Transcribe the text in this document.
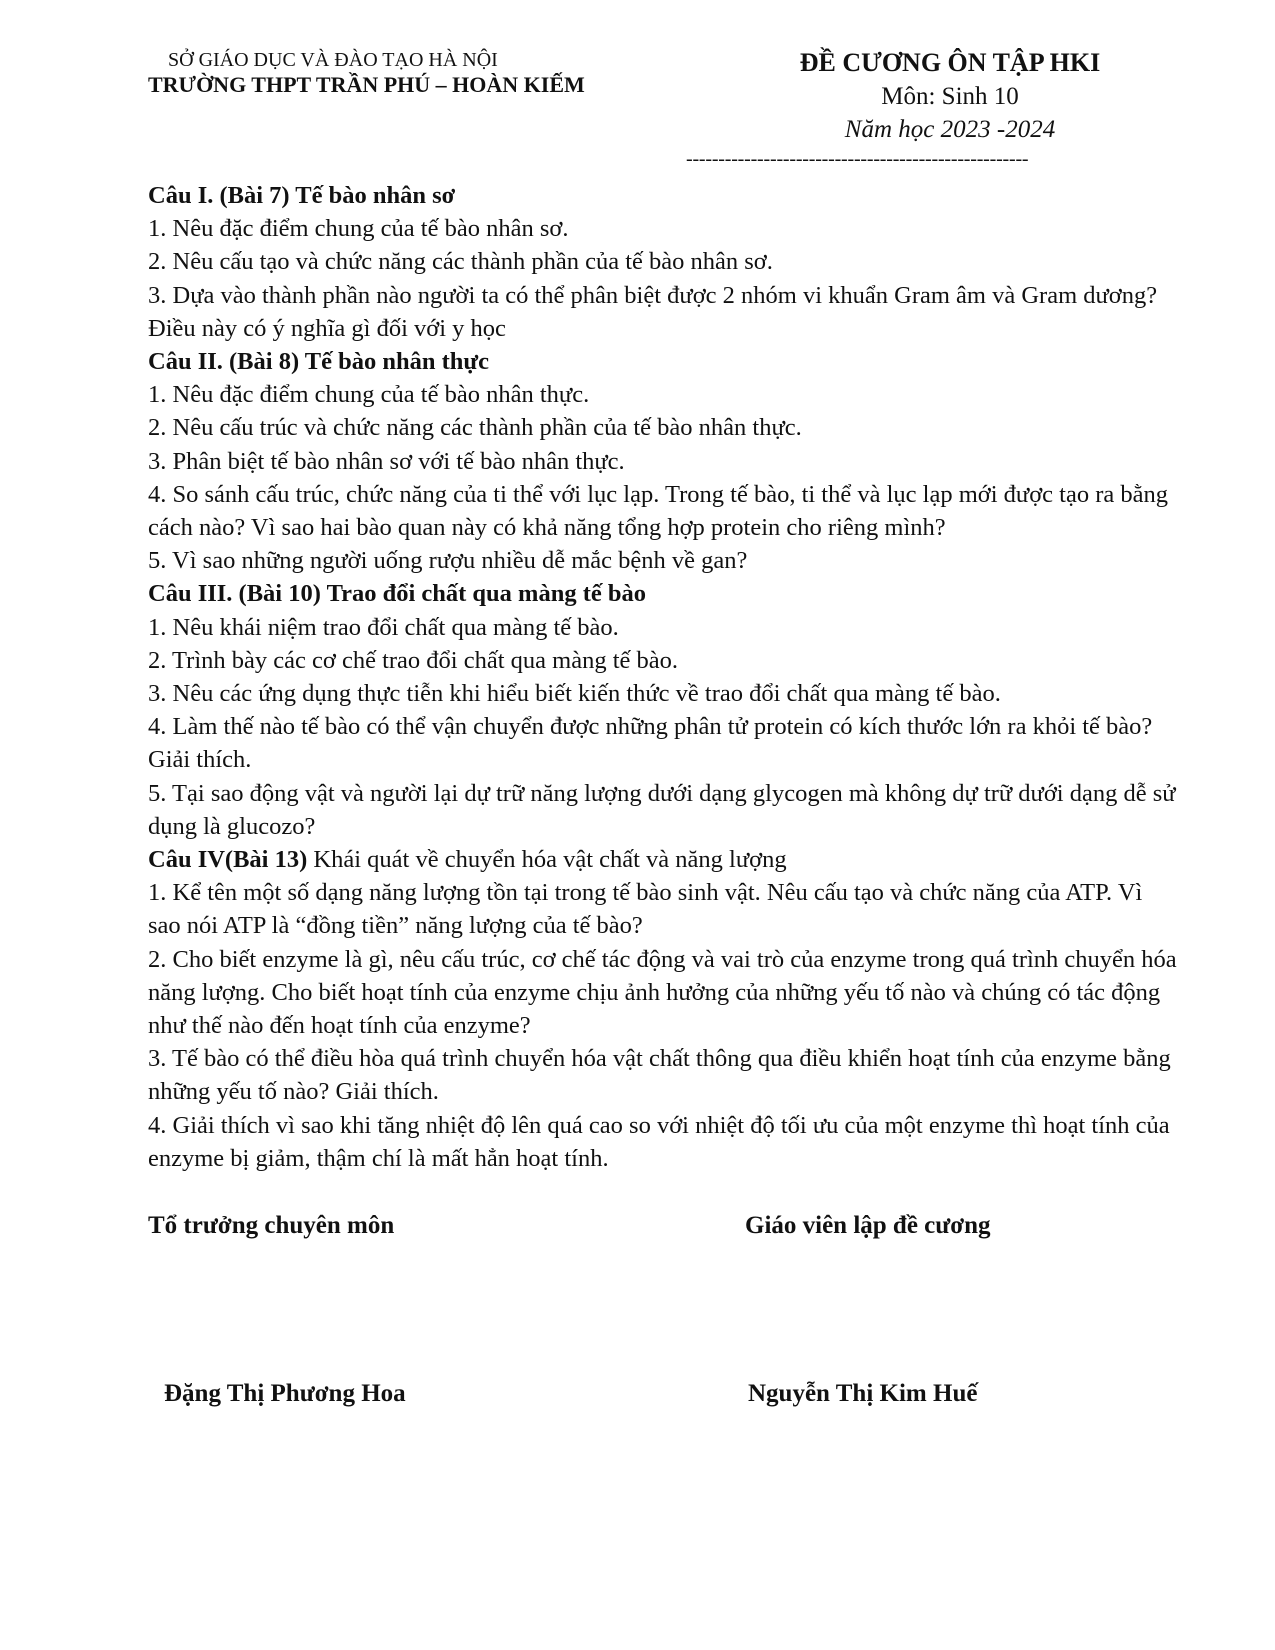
SỞ GIÁO DỤC VÀ ĐÀO TẠO HÀ NỘI
TRƯỜNG THPT TRẦN PHÚ – HOÀN KIẾM
ĐỀ CƯƠNG ÔN TẬP HKI
Môn: Sinh 10
Năm học 2023 -2024
-----------------------------------------------------
Câu I. (Bài 7) Tế bào nhân sơ

1. Nêu đặc điểm chung của tế bào nhân sơ.

2. Nêu cấu tạo và chức năng các thành phần của tế bào nhân sơ.

3. Dựa vào thành phần nào người ta có thể phân biệt được 2 nhóm vi khuẩn Gram âm và Gram dương? Điều này có ý nghĩa gì đối với y học

Câu II. (Bài 8) Tế bào nhân thực

1. Nêu đặc điểm chung của tế bào nhân thực.

2. Nêu cấu trúc và chức năng các thành phần của tế bào nhân thực.

3. Phân biệt tế bào nhân sơ với tế bào nhân thực.

4. So sánh cấu trúc, chức năng của ti thể với lục lạp. Trong tế bào, ti thể và lục lạp mới được tạo ra bằng cách nào? Vì sao hai bào quan này có khả năng tổng hợp protein cho riêng mình?

5. Vì sao những người uống rượu nhiều dễ mắc bệnh về gan?

Câu III. (Bài 10) Trao đổi chất qua màng tế bào

1. Nêu khái niệm trao đổi chất qua màng tế bào.

2. Trình bày các cơ chế trao đổi chất qua màng tế bào.

3. Nêu các ứng dụng thực tiễn khi hiểu biết kiến thức về trao đổi chất qua màng tế bào.

4. Làm thế nào tế bào có thể vận chuyển được những phân tử protein có kích thước lớn ra khỏi tế bào? Giải thích.

5. Tại sao động vật và người lại dự trữ năng lượng dưới dạng glycogen mà không dự trữ dưới dạng dễ sử dụng là glucozo?

Câu IV(Bài 13) Khái quát về chuyển hóa vật chất và năng lượng

1. Kể tên một số dạng năng lượng tồn tại trong tế bào sinh vật. Nêu cấu tạo và chức năng của ATP. Vì sao nói ATP là “đồng tiền” năng lượng của tế bào?

2. Cho biết enzyme là gì, nêu cấu trúc, cơ chế tác động và vai trò của enzyme trong quá trình chuyển hóa năng lượng. Cho biết hoạt tính của enzyme chịu ảnh hưởng của những yếu tố nào và chúng có tác động như thế nào đến hoạt tính của enzyme?

3. Tế bào có thể điều hòa quá trình chuyển hóa vật chất thông qua điều khiển hoạt tính của enzyme bằng những yếu tố nào? Giải thích.

4. Giải thích vì sao khi tăng nhiệt độ lên quá cao so với nhiệt độ tối ưu của một enzyme thì hoạt tính của enzyme bị giảm, thậm chí là mất hẳn hoạt tính.

Tổ trưởng chuyên môn	Giáo viên lập đề cương
Đặng Thị Phương Hoa	Nguyễn Thị Kim Huế
